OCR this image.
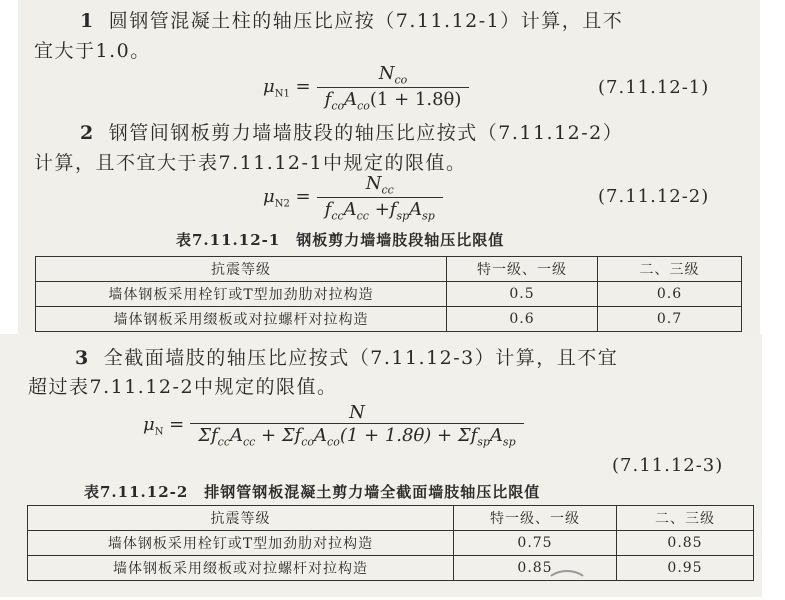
1 圆钢管混凝土柱的轴压比应按（7.11.12-1）计算，且不
宜大于1.0。
$\mu_{N1}$ =
$N_{co}$
$f_{co}A_{co}(1 + 1.8\theta)$
(7.11.12-1)
2 钢管间钢板剪力墙墙肢段的轴压比应按式（7.11.12-2）
计算，且不宜大于表7.11.12-1中规定的限值。
$\mu_{N2}$ =
$N_{cc}$
$f_{cc}A_{cc} +f_{sp}A_{sp}$
(7.11.12-2)
表7.11.12-1　钢板剪力墙墙肢段轴压比限值
抗震等级	特一级、一级	二、三级
墙体钢板采用栓钉或T型加劲肋对拉构造	0.5	0.6
墙体钢板采用缀板或对拉螺杆对拉构造	0.6	0.7
3 全截面墙肢的轴压比应按式（7.11.12-3）计算，且不宜
超过表7.11.12-2中规定的限值。
$\mu_N$ =
N
$\Sigma f_{cc}A_{cc} + \Sigma f_{co}A_{co}(1 + 1.8\theta) + \Sigma f_{sp}A_{sp}$
(7.11.12-3)
表7.11.12-2　排钢管钢板混凝土剪力墙全截面墙肢轴压比限值
抗震等级	特一级、一级	二、三级
墙体钢板采用栓钉或T型加劲肋对拉构造	0.75	0.85
墙体钢板采用缀板或对拉螺杆对拉构造	0.85	0.95
